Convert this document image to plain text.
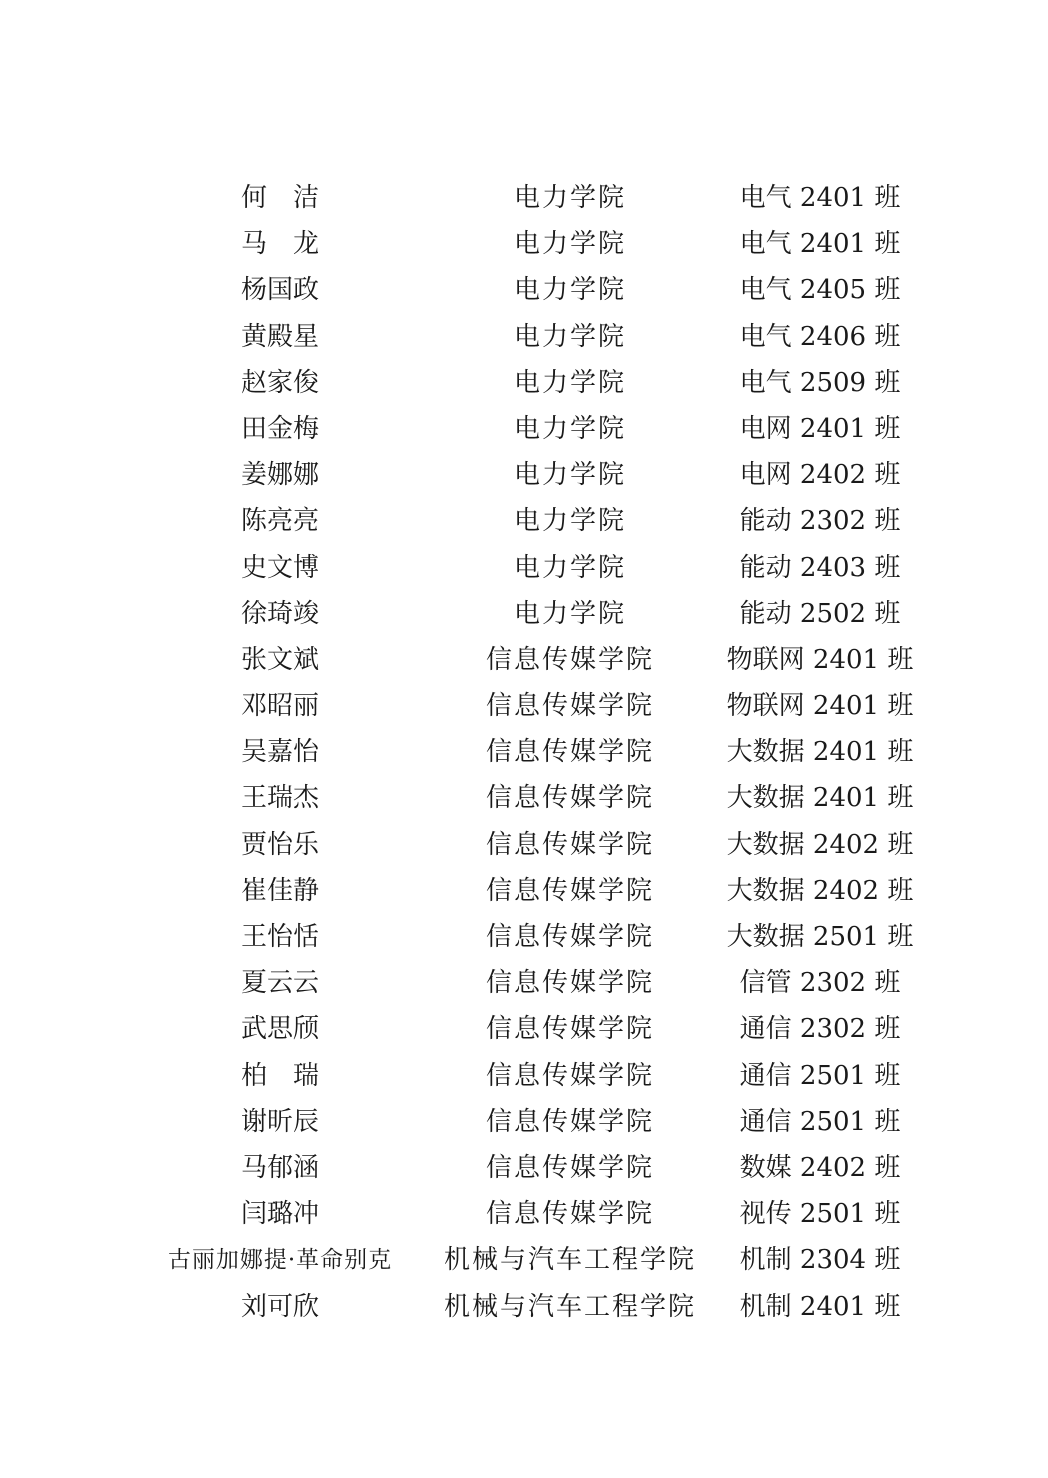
何　洁	电力学院	电气 2401 班
马　龙	电力学院	电气 2401 班
杨国政	电力学院	电气 2405 班
黄殿星	电力学院	电气 2406 班
赵家俊	电力学院	电气 2509 班
田金梅	电力学院	电网 2401 班
姜娜娜	电力学院	电网 2402 班
陈亮亮	电力学院	能动 2302 班
史文博	电力学院	能动 2403 班
徐琦竣	电力学院	能动 2502 班
张文斌	信息传媒学院	物联网 2401 班
邓昭丽	信息传媒学院	物联网 2401 班
吴嘉怡	信息传媒学院	大数据 2401 班
王瑞杰	信息传媒学院	大数据 2401 班
贾怡乐	信息传媒学院	大数据 2402 班
崔佳静	信息传媒学院	大数据 2402 班
王怡恬	信息传媒学院	大数据 2501 班
夏云云	信息传媒学院	信管 2302 班
武思颀	信息传媒学院	通信 2302 班
柏　瑞	信息传媒学院	通信 2501 班
谢昕辰	信息传媒学院	通信 2501 班
马郁涵	信息传媒学院	数媒 2402 班
闫璐冲	信息传媒学院	视传 2501 班
古丽加娜提·革命别克	机械与汽车工程学院	机制 2304 班
刘可欣	机械与汽车工程学院	机制 2401 班
